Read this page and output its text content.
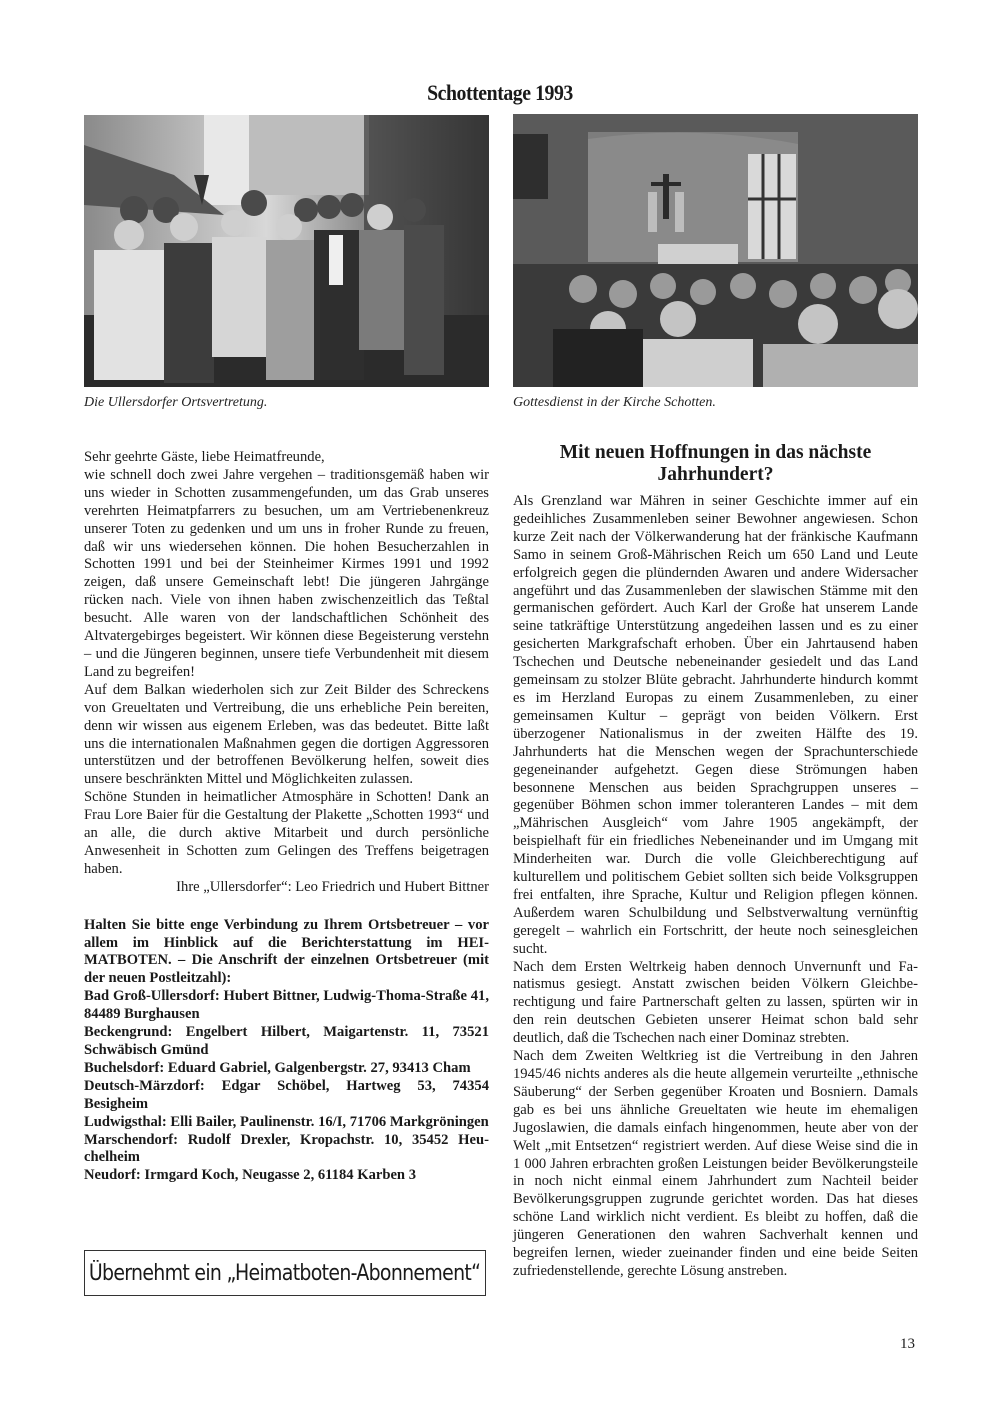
Schottentage 1993
Die Ullersdorfer Ortsvertretung.	Gottesdienst in der Kirche Schotten.

Sehr geehrte Gäste, liebe Heimatfreunde,

wie schnell doch zwei Jahre vergehen – traditionsgemäß haben wir uns wieder in Schotten zusammengefunden, um das Grab unseres verehrten Heimatpfarrers zu besuchen, um am Vertriebenenkreuz unserer Toten zu gedenken und um uns in froher Runde zu freuen, daß wir uns wiedersehen können. Die hohen Besucherzahlen in Schotten 1991 und bei der Steinheimer Kirmes 1991 und 1992 zeigen, daß unsere Gemeinschaft lebt! Die jüngeren Jahrgänge rücken nach. Viele von ihnen haben zwischenzeitlich das Teßtal besucht. Alle waren von der landschaftlichen Schönheit des Altvatergebirges begeistert. Wir können diese Begeisterung verstehn – und die Jüngeren beginnen, unsere tiefe Verbundenheit mit diesem Land zu begreifen!

Auf dem Balkan wiederholen sich zur Zeit Bilder des Schreckens von Greueltaten und Vertreibung, die uns erhebliche Pein bereiten, denn wir wissen aus eigenem Erleben, was das bedeutet. Bitte laßt uns die internationalen Maßnahmen gegen die dortigen Aggressoren unterstützen und der betroffenen Bevölkerung helfen, soweit dies unsere beschränkten Mittel und Möglichkeiten zulassen.

Schöne Stunden in heimatlicher Atmosphäre in Schotten! Dank an Frau Lore Baier für die Gestaltung der Plakette „Schotten 1993“ und an alle, die durch aktive Mitarbeit und durch persönliche Anwesenheit in Schotten zum Gelingen des Treffens beigetragen haben.

Ihre „Ullersdorfer“: Leo Friedrich und Hubert Bittner

Halten Sie bitte enge Verbindung zu Ihrem Ortsbetreuer – vor allem im Hinblick auf die Berichterstattung im HEIMATBOTEN. – Die Anschrift der einzelnen Ortsbetreuer (mit der neuen Postleitzahl):

Bad Groß-Ullersdorf: Hubert Bittner, Ludwig-Thoma-Straße 41, 84489 Burghausen

Beckengrund: Engelbert Hilbert, Maigartenstr. 11, 73521 Schwäbisch Gmünd

Buchelsdorf: Eduard Gabriel, Galgenbergstr. 27, 93413 Cham

Deutsch-Märzdorf: Edgar Schöbel, Hartweg 53, 74354 Besigheim

Ludwigsthal: Elli Bailer, Paulinenstr. 16/I, 71706 Markgröningen

Marschendorf: Rudolf Drexler, Kropachstr. 10, 35452 Heuchelheim

Neudorf: Irmgard Koch, Neugasse 2, 61184 Karben 3

Übernehmt ein „Heimatboten-Abonnement“
Mit neuen Hoffnungen in das nächste Jahrhundert?

Als Grenzland war Mähren in seiner Geschichte immer auf ein gedeihliches Zusammenleben seiner Bewohner angewiesen. Schon kurze Zeit nach der Völkerwanderung hat der fränkische Kaufmann Samo in seinem Groß-Mährischen Reich um 650 Land und Leute erfolgreich gegen die plündernden Awaren und andere Widersacher angeführt und das Zusammenleben der slawischen Stämme mit den germanischen gefördert. Auch Karl der Große hat unserem Lande seine tatkräftige Unterstützung angedeihen lassen und es zu einer gesicherten Markgrafschaft erhoben. Über ein Jahrtausend haben Tschechen und Deutsche nebeneinander gesiedelt und das Land gemeinsam zu stolzer Blüte gebracht. Jahrhunderte hindurch kommt es im Herzland Europas zu einem Zusammenleben, zu einer gemeinsamen Kultur – geprägt von beiden Völkern. Erst überzogener Nationalismus in der zweiten Hälfte des 19. Jahrhunderts hat die Menschen wegen der Sprachunterschiede gegeneinander aufgehetzt. Gegen diese Strömungen haben besonnene Menschen aus beiden Sprachgruppen unseres – gegenüber Böhmen schon immer toleranteren Landes – mit dem „Mährischen Ausgleich“ vom Jahre 1905 angekämpft, der beispielhaft für ein friedliches Nebeneinander und im Umgang mit Minderheiten war. Durch die volle Gleichberechtigung auf kulturellem und politischem Gebiet sollten sich beide Volksgruppen frei entfalten, ihre Sprache, Kultur und Religion pflegen können. Außerdem waren Schulbildung und Selbstverwaltung vernünftig geregelt – wahrlich ein Fortschritt, der heute noch seinesgleichen sucht.

Nach dem Ersten Weltrkeig haben dennoch Unvernunft und Fanatismus gesiegt. Anstatt zwischen beiden Völkern Gleichberechtigung und faire Partnerschaft gelten zu lassen, spürten wir in den rein deutschen Gebieten unserer Heimat schon bald sehr deutlich, daß die Tschechen nach einer Dominaz strebten.

Nach dem Zweiten Weltkrieg ist die Vertreibung in den Jahren 1945/46 nichts anderes als die heute allgemein verurteilte „ethnische Säuberung“ der Serben gegenüber Kroaten und Bosniern. Damals gab es bei uns ähnliche Greueltaten wie heute im ehemaligen Jugoslawien, die damals einfach hingenommen, heute aber von der Welt „mit Entsetzen“ registriert werden. Auf diese Weise sind die in 1 000 Jahren erbrachten großen Leistungen beider Bevölkerungsteile in noch nicht einmal einem Jahrhundert zum Nachteil beider Bevölkerungsgruppen zugrunde gerichtet worden. Das hat dieses schöne Land wirklich nicht verdient. Es bleibt zu hoffen, daß die jüngeren Generationen den wahren Sachverhalt kennen und begreifen lernen, wieder zueinander finden und eine beide Seiten zufriedenstellende, gerechte Lösung anstreben.

13
